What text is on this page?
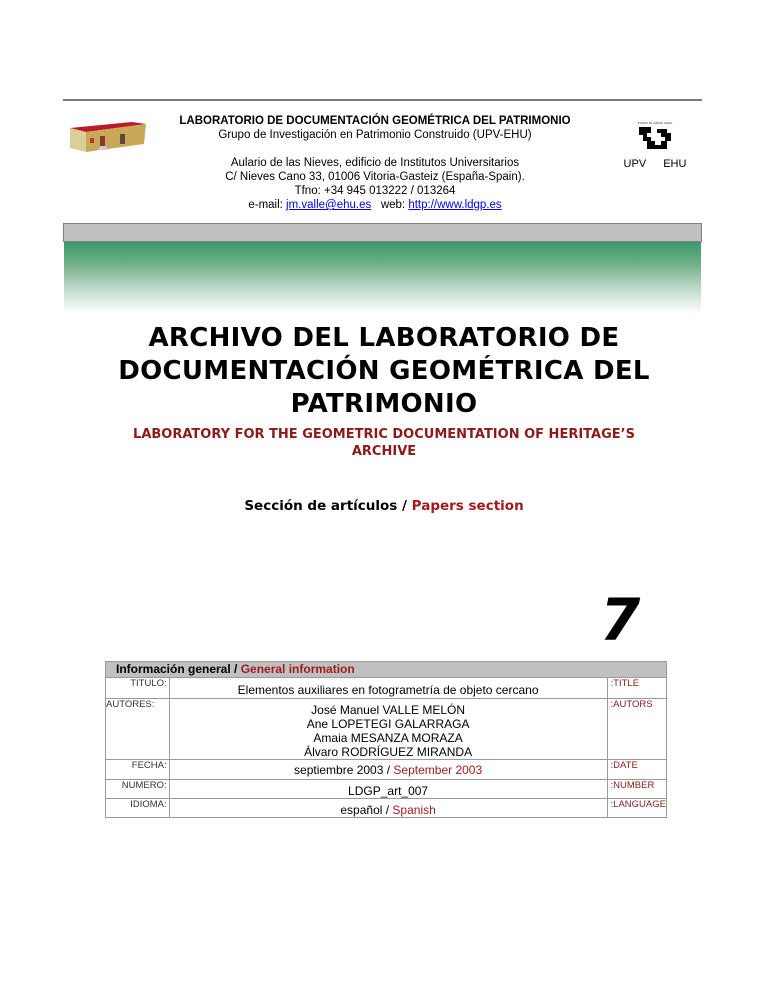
LABORATORIO DE DOCUMENTACIÓN GEOMÉTRICA DEL PATRIMONIO

Grupo de Investigación en Patrimonio Construido (UPV-EHU)

Aulario de las Nieves, edificio de Institutos Universitarios
C/ Nieves Cano 33, 01006 Vitoria-Gasteiz (España-Spain).
Tfno: +34 945 013222 / 013264
e-mail: jm.valle@ehu.es web: http://www.ldgp.es
eman ta zabal zazu
UPV EHU
ARCHIVO DEL LABORATORIO DE DOCUMENTACIÓN GEOMÉTRICA DEL PATRIMONIO
LABORATORY FOR THE GEOMETRIC DOCUMENTATION OF HERITAGE’S ARCHIVE
Sección de artículos / Papers section
7
Información general / General information		
TITULO:	Elementos auxiliares en fotogrametría de objeto cercano	:TITLE
AUTORES:	José Manuel VALLE MELÓN
Ane LOPETEGI GALARRAGA
Amaia MESANZA MORAZA
Álvaro RODRÍGUEZ MIRANDA	:AUTORS
FECHA:	septiembre 2003 / September 2003	:DATE
NUMERO:	LDGP_art_007	:NUMBER
IDIOMA:	español / Spanish	:LANGUAGE
